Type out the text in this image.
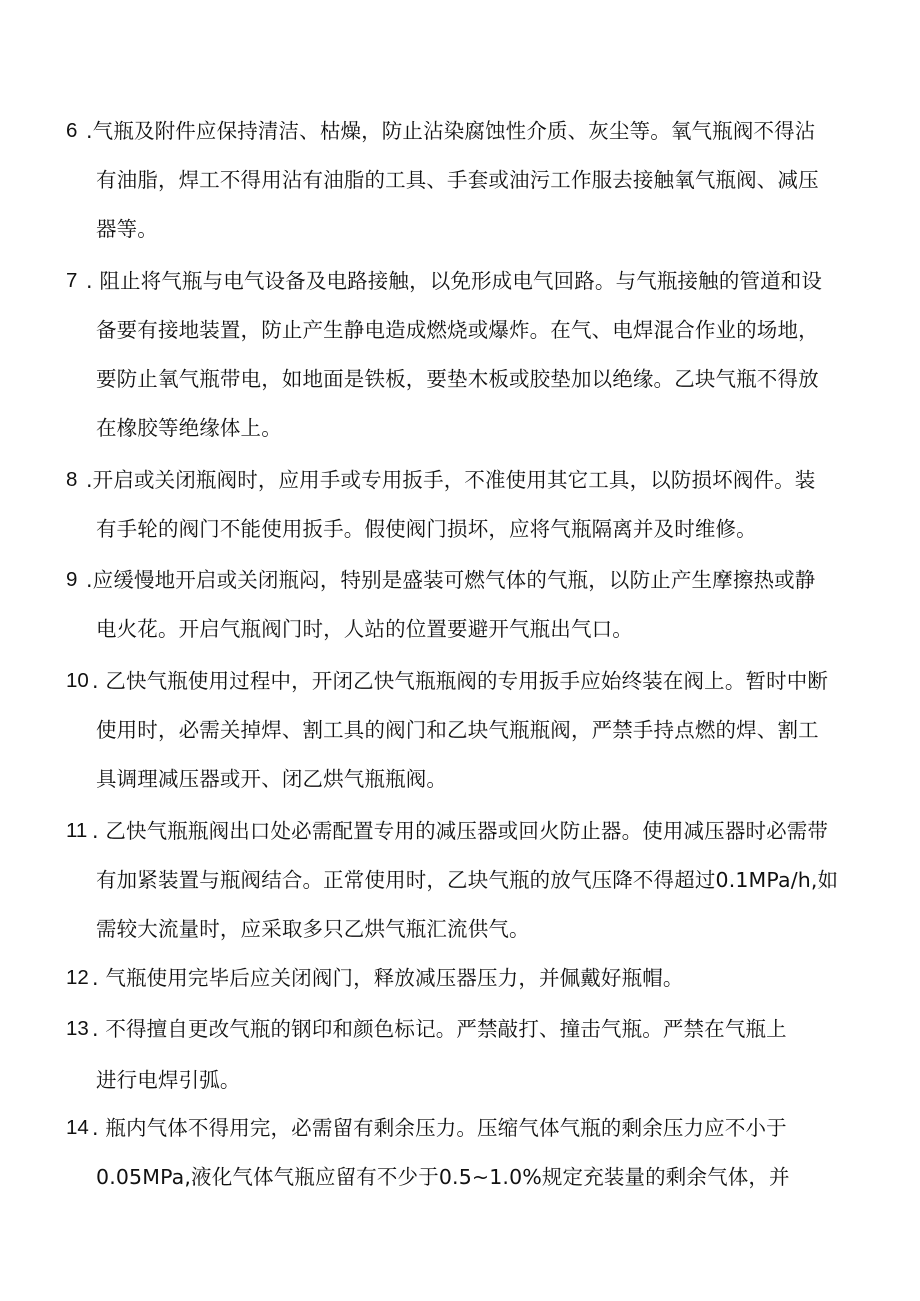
6 .气瓶及附件应保持清洁、枯燥，防止沾染腐蚀性介质、灰尘等。氧气瓶阀不得沾
有油脂，焊工不得用沾有油脂的工具、手套或油污工作服去接触氧气瓶阀、减压
器等。
7 . 阻止将气瓶与电气设备及电路接触，以免形成电气回路。与气瓶接触的管道和设
备要有接地装置，防止产生静电造成燃烧或爆炸。在气、电焊混合作业的场地，
要防止氧气瓶带电，如地面是铁板，要垫木板或胶垫加以绝缘。乙块气瓶不得放
在橡胶等绝缘体上。
8 .开启或关闭瓶阀时，应用手或专用扳手，不准使用其它工具，以防损坏阀件。装
有手轮的阀门不能使用扳手。假使阀门损坏，应将气瓶隔离并及时维修。
9 .应缓慢地开启或关闭瓶闷，特别是盛装可燃气体的气瓶，以防止产生摩擦热或静
电火花。开启气瓶阀门时，人站的位置要避开气瓶出气口。
10 . 乙快气瓶使用过程中，开闭乙快气瓶瓶阀的专用扳手应始终装在阀上。暂时中断
使用时，必需关掉焊、割工具的阀门和乙块气瓶瓶阀，严禁手持点燃的焊、割工
具调理减压器或开、闭乙烘气瓶瓶阀。
11 . 乙快气瓶瓶阀出口处必需配置专用的减压器或回火防止器。使用减压器时必需带
有加紧装置与瓶阀结合。正常使用时，乙块气瓶的放气压降不得超过0.1MPa∕h,如
需较大流量时，应采取多只乙烘气瓶汇流供气。
12 . 气瓶使用完毕后应关闭阀门，释放减压器压力，并佩戴好瓶帽。
13 . 不得擅自更改气瓶的钢印和颜色标记。严禁敲打、撞击气瓶。严禁在气瓶上
进行电焊引弧。
14 . 瓶内气体不得用完，必需留有剩余压力。压缩气体气瓶的剩余压力应不小于
0.05MPa,液化气体气瓶应留有不少于0.5~1.0%规定充装量的剩余气体，并
